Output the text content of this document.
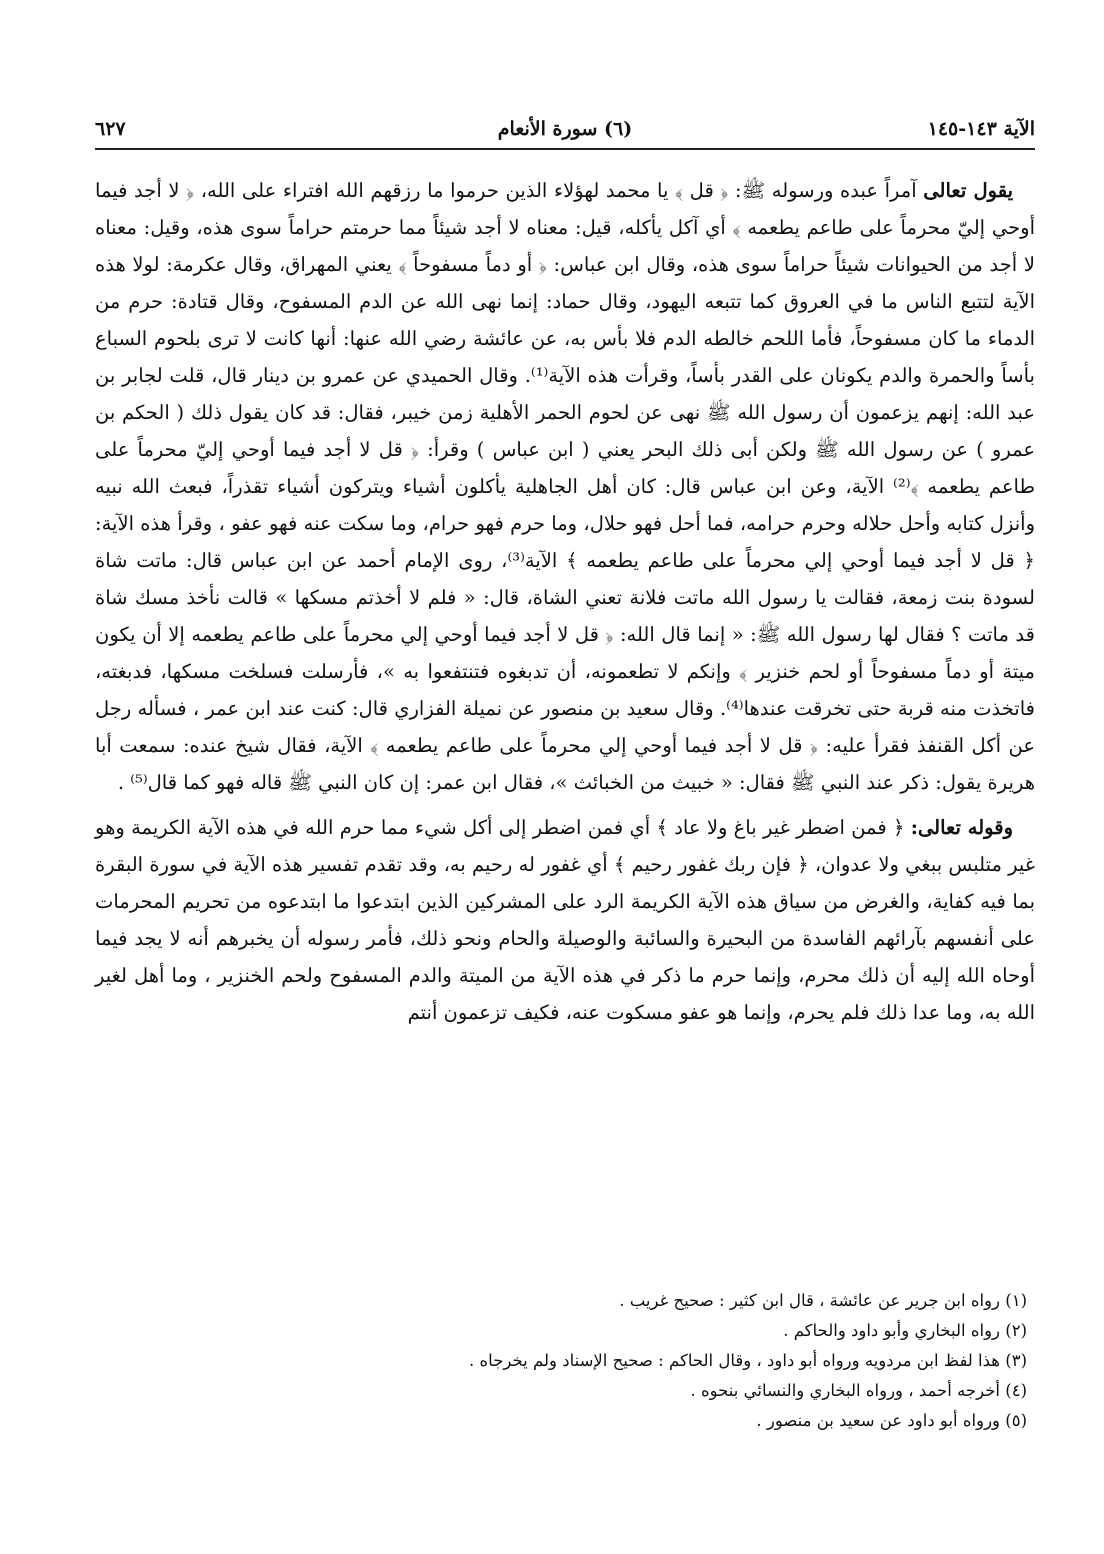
الآية ١٤٣-١٤٥
(٦) سورة الأنعام
٦٢٧

يقول تعالى آمراً عبده ورسوله ﷺ: ﴿ قل ﴾ يا محمد لهؤلاء الذين حرموا ما رزقهم الله افتراء على الله، ﴿ لا أجد فيما أوحي إليّ محرماً على طاعم يطعمه ﴾ أي آكل يأكله، قيل: معناه لا أجد شيئاً مما حرمتم حراماً سوى هذه، وقيل: معناه لا أجد من الحيوانات شيئاً حراماً سوى هذه، وقال ابن عباس: ﴿ أو دماً مسفوحاً ﴾ يعني المهراق، وقال عكرمة: لولا هذه الآية لتتبع الناس ما في العروق كما تتبعه اليهود، وقال حماد: إنما نهى الله عن الدم المسفوح، وقال قتادة: حرم من الدماء ما كان مسفوحاً، فأما اللحم خالطه الدم فلا بأس به، عن عائشة رضي الله عنها: أنها كانت لا ترى بلحوم السباع بأساً والحمرة والدم يكونان على القدر بأساً، وقرأت هذه الآية⁽¹⁾. وقال الحميدي عن عمرو بن دينار قال، قلت لجابر بن عبد الله: إنهم يزعمون أن رسول الله ﷺ نهى عن لحوم الحمر الأهلية زمن خيبر، فقال: قد كان يقول ذلك ( الحكم بن عمرو ) عن رسول الله ﷺ ولكن أبى ذلك البحر يعني ( ابن عباس ) وقرأ: ﴿ قل لا أجد فيما أوحي إليّ محرماً على طاعم يطعمه ﴾⁽²⁾ الآية، وعن ابن عباس قال: كان أهل الجاهلية يأكلون أشياء ويتركون أشياء تقذراً، فبعث الله نبيه وأنزل كتابه وأحل حلاله وحرم حرامه، فما أحل فهو حلال، وما حرم فهو حرام، وما سكت عنه فهو عفو ، وقرأ هذه الآية: ﴿ قل لا أجد فيما أوحي إلي محرماً على طاعم يطعمه ﴾ الآية⁽³⁾، روى الإمام أحمد عن ابن عباس قال: ماتت شاة لسودة بنت زمعة، فقالت يا رسول الله ماتت فلانة تعني الشاة، قال: « فلم لا أخذتم مسكها » قالت نأخذ مسك شاة قد ماتت ؟ فقال لها رسول الله ﷺ: « إنما قال الله: ﴿ قل لا أجد فيما أوحي إلي محرماً على طاعم يطعمه إلا أن يكون ميتة أو دماً مسفوحاً أو لحم خنزير ﴾ وإنكم لا تطعمونه، أن تدبغوه فتنتفعوا به »، فأرسلت فسلخت مسكها، فدبغته، فاتخذت منه قربة حتى تخرقت عندها⁽⁴⁾. وقال سعيد بن منصور عن نميلة الفزاري قال: كنت عند ابن عمر ، فسأله رجل عن أكل القنفذ فقرأ عليه: ﴿ قل لا أجد فيما أوحي إلي محرماً على طاعم يطعمه ﴾ الآية، فقال شيخ عنده: سمعت أبا هريرة يقول: ذكر عند النبي ﷺ فقال: « خبيث من الخبائث »، فقال ابن عمر: إن كان النبي ﷺ قاله فهو كما قال⁽⁵⁾ .

وقوله تعالى: ﴿ فمن اضطر غير باغ ولا عاد ﴾ أي فمن اضطر إلى أكل شيء مما حرم الله في هذه الآية الكريمة وهو غير متلبس ببغي ولا عدوان، ﴿ فإن ربك غفور رحيم ﴾ أي غفور له رحيم به، وقد تقدم تفسير هذه الآية في سورة البقرة بما فيه كفاية، والغرض من سياق هذه الآية الكريمة الرد على المشركين الذين ابتدعوا ما ابتدعوه من تحريم المحرمات على أنفسهم بآرائهم الفاسدة من البحيرة والسائبة والوصيلة والحام ونحو ذلك، فأمر رسوله أن يخبرهم أنه لا يجد فيما أوحاه الله إليه أن ذلك محرم، وإنما حرم ما ذكر في هذه الآية من الميتة والدم المسفوح ولحم الخنزير ، وما أهل لغير الله به، وما عدا ذلك فلم يحرم، وإنما هو عفو مسكوت عنه، فكيف تزعمون أنتم

(١) رواه ابن جرير عن عائشة ، قال ابن كثير : صحيح غريب .

(٢) رواه البخاري وأبو داود والحاكم .

(٣) هذا لفظ ابن مردويه ورواه أبو داود ، وقال الحاكم : صحيح الإسناد ولم يخرجاه .

(٤) أخرجه أحمد ، ورواه البخاري والنسائي بنحوه .

(٥) ورواه أبو داود عن سعيد بن منصور .
